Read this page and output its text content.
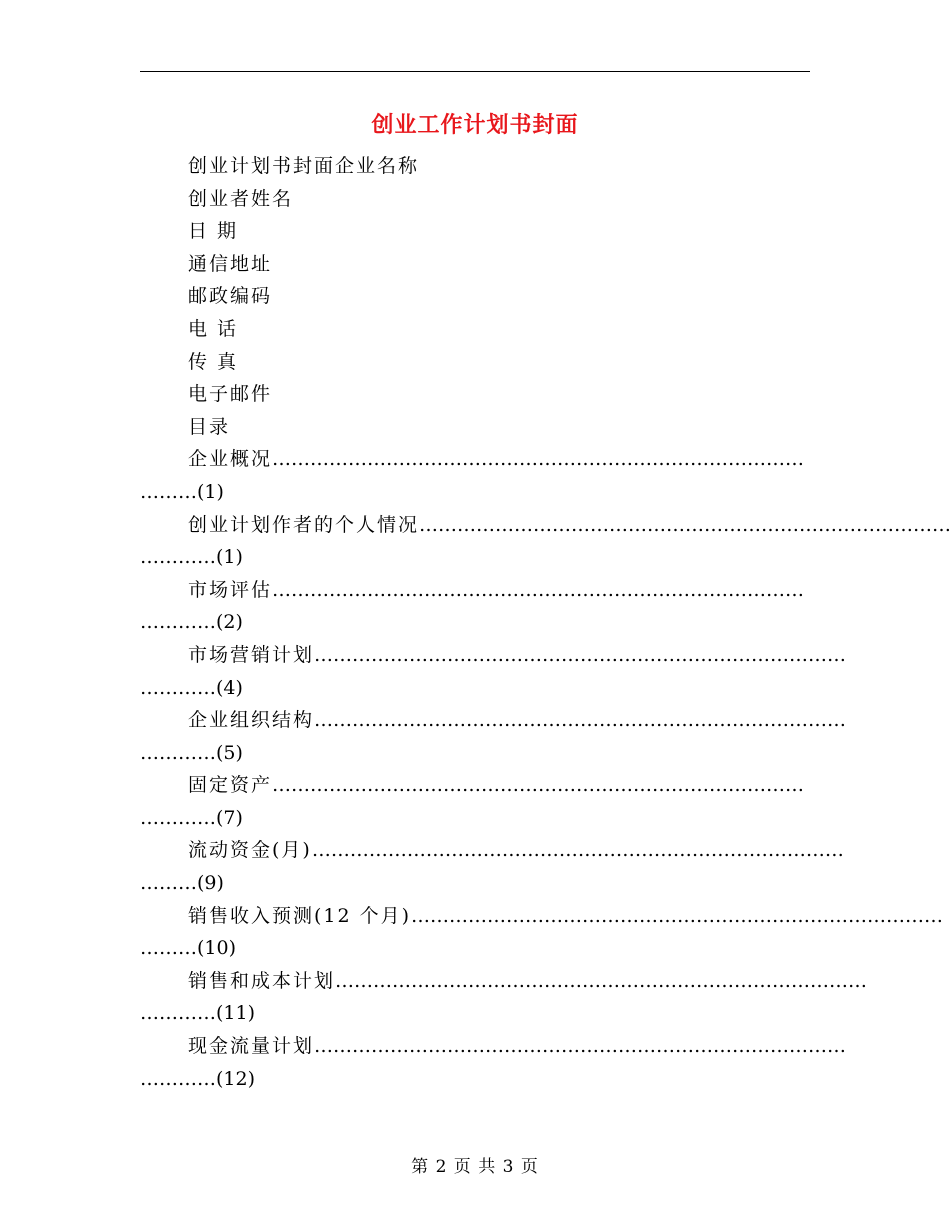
创业工作计划书封面
创业计划书封面企业名称
创业者姓名
日 期
通信地址
邮政编码
电 话
传 真
电子邮件
目录
企业概况…………………………………………………………………………
………(1)
创业计划作者的个人情况…………………………………………………………………………
…………(1)
市场评估…………………………………………………………………………
…………(2)
市场营销计划…………………………………………………………………………
…………(4)
企业组织结构…………………………………………………………………………
…………(5)
固定资产…………………………………………………………………………
…………(7)
流动资金(月)…………………………………………………………………………
………(9)
销售收入预测(12 个月)…………………………………………………………………………
………(10)
销售和成本计划…………………………………………………………………………
…………(11)
现金流量计划…………………………………………………………………………
…………(12)
第 2 页 共 3 页
